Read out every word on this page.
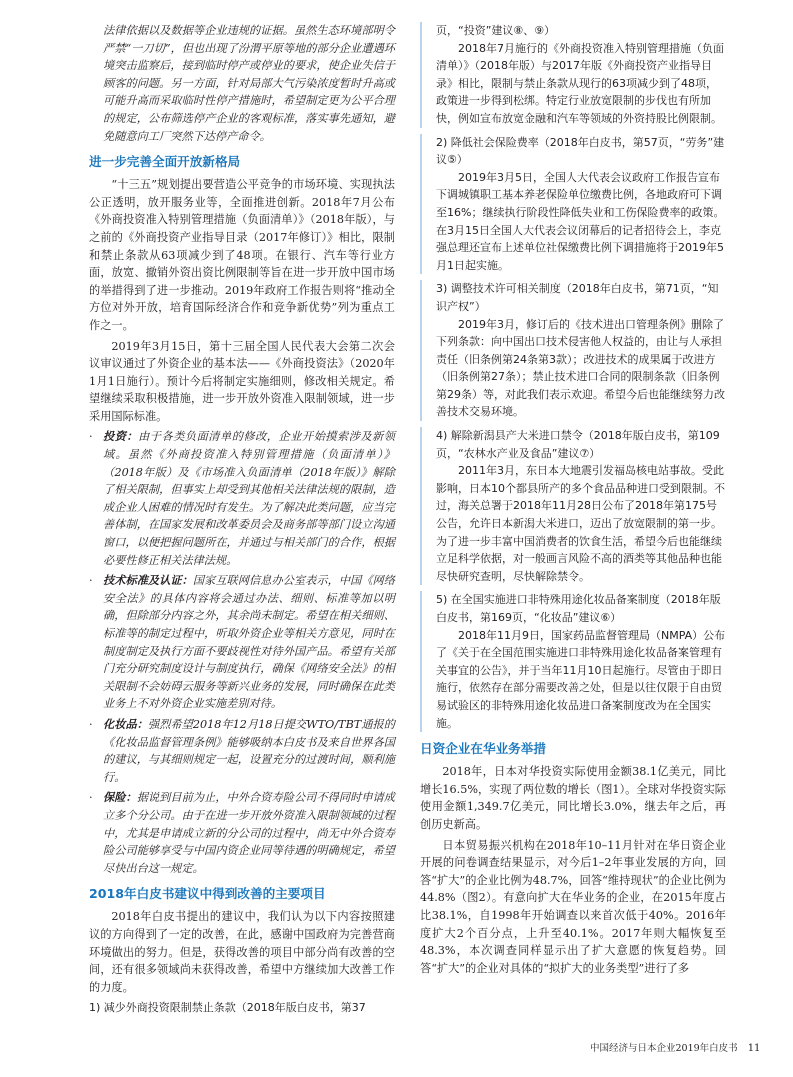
法律依据以及数据等企业违规的证据。虽然生态环境部明令严禁“一刀切”，但也出现了汾渭平原等地的部分企业遭遇环境突击监察后，接到临时停产或停业的要求，使企业失信于顾客的问题。另一方面，针对局部大气污染浓度暂时升高或可能升高而采取临时性停产措施时，希望制定更为公平合理的规定，公布筛选停产企业的客观标准，落实事先通知，避免随意向工厂突然下达停产命令。

进一步完善全面开放新格局

“十三五”规划提出要营造公平竞争的市场环境、实现执法公正透明，放开服务业等，全面推进创新。2018年7月公布《外商投资准入特别管理措施（负面清单）》（2018年版），与之前的《外商投资产业指导目录（2017年修订）》相比，限制和禁止条款从63项减少到了48项。在银行、汽车等行业方面，放宽、撤销外资出资比例限制等旨在进一步开放中国市场的举措得到了进一步推动。2019年政府工作报告则将“推动全方位对外开放，培育国际经济合作和竞争新优势”列为重点工作之一。

2019年3月15日，第十三届全国人民代表大会第二次会议审议通过了外资企业的基本法——《外商投资法》（2020年1月1日施行）。预计今后将制定实施细则，修改相关规定。希望继续采取积极措施，进一步开放外资准入限制领域，进一步采用国际标准。

· 投资：由于各类负面清单的修改，企业开始摸索涉及新领域。虽然《外商投资准入特别管理措施（负面清单）》（2018年版）及《市场准入负面清单（2018年版）》解除了相关限制，但事实上却受到其他相关法律法规的限制，造成企业人困难的情况时有发生。为了解决此类问题，应当完善体制，在国家发展和改革委员会及商务部等部门设立沟通窗口，以便把握问题所在，并通过与相关部门的合作，根据必要性修正相关法律法规。
· 技术标准及认证：国家互联网信息办公室表示，中国《网络安全法》的具体内容将会通过办法、细则、标准等加以明确，但除部分内容之外，其余尚未制定。希望在相关细则、标准等的制定过程中，听取外资企业等相关方意见，同时在制度制定及执行方面不要歧视性对待外国产品。希望有关部门充分研究制度设计与制度执行，确保《网络安全法》的相关限制不会妨碍云服务等新兴业务的发展，同时确保在此类业务上不对外资企业实施差别对待。
· 化妆品：强烈希望2018年12月18日提交WTO/TBT通报的《化妆品监督管理条例》能够吸纳本白皮书及来自世界各国的建议，与其细则规定一起，设置充分的过渡时间，顺利施行。
· 保险：据说到目前为止，中外合资寿险公司不得同时申请成立多个分公司。由于在进一步开放外资准入限制领域的过程中，尤其是申请成立新的分公司的过程中，尚无中外合资寿险公司能够享受与中国内资企业同等待遇的明确规定，希望尽快出台这一规定。
2018年白皮书建议中得到改善的主要项目

2018年白皮书提出的建议中，我们认为以下内容按照建议的方向得到了一定的改善，在此，感谢中国政府为完善营商环境做出的努力。但是，获得改善的项目中部分尚有改善的空间，还有很多领域尚未获得改善，希望中方继续加大改善工作的力度。

1) 减少外商投资限制禁止条款（2018年版白皮书，第37

页，“投资”建议⑧、⑨）

2018年7月施行的《外商投资准入特别管理措施（负面清单）》（2018年版）与2017年版《外商投资产业指导目录》相比，限制与禁止条款从现行的63项减少到了48项，政策进一步得到松绑。特定行业放宽限制的步伐也有所加快，例如宣布放宽金融和汽车等领域的外资持股比例限制。

2) 降低社会保险费率（2018年白皮书，第57页，“劳务”建议⑤）

2019年3月5日，全国人大代表会议政府工作报告宣布下调城镇职工基本养老保险单位缴费比例，各地政府可下调至16%；继续执行阶段性降低失业和工伤保险费率的政策。在3月15日全国人大代表会议闭幕后的记者招待会上，李克强总理还宣布上述单位社保缴费比例下调措施将于2019年5月1日起实施。

3) 调整技术许可相关制度（2018年白皮书，第71页，“知识产权”）

2019年3月，修订后的《技术进出口管理条例》删除了下列条款：向中国出口技术侵害他人权益的，由让与人承担责任（旧条例第24条第3款）；改进技术的成果属于改进方（旧条例第27条）；禁止技术进口合同的限制条款（旧条例第29条）等，对此我们表示欢迎。希望今后也能继续努力改善技术交易环境。

4) 解除新潟县产大米进口禁令（2018年版白皮书，第109页，“农林水产业及食品”建议⑦）

2011年3月，东日本大地震引发福岛核电站事故。受此影响，日本10个都县所产的多个食品品种进口受到限制。不过，海关总署于2018年11月28日公布了2018年第175号公告，允许日本新潟大米进口，迈出了放宽限制的第一步。为了进一步丰富中国消费者的饮食生活，希望今后也能继续立足科学依据，对一般画言风险不高的酒类等其他品种也能尽快研究查明，尽快解除禁令。

5) 在全国实施进口非特殊用途化妆品备案制度（2018年版白皮书，第169页，“化妆品”建议⑥）

2018年11月9日，国家药品监督管理局（NMPA）公布了《关于在全国范围实施进口非特殊用途化妆品备案管理有关事宜的公告》，并于当年11月10日起施行。尽管由于即日施行，依然存在部分需要改善之处，但是以往仅限于自由贸易试验区的非特殊用途化妆品进口备案制度改为在全国实施。

日资企业在华业务举措

2018年，日本对华投资实际使用金额38.1亿美元，同比增长16.5%，实现了两位数的增长（图1）。全球对华投资实际使用金额1,349.7亿美元，同比增长3.0%，继去年之后，再创历史新高。

日本贸易振兴机构在2018年10–11月针对在华日资企业开展的问卷调查结果显示，对今后1–2年事业发展的方向，回答“扩大”的企业比例为48.7%，回答“维持现状”的企业比例为44.8%（图2）。有意向扩大在华业务的企业，在2015年度占比38.1%，自1998年开始调查以来首次低于40%。2016年度扩大2个百分点，上升至40.1%。2017年则大幅恢复至48.3%，本次调查同样显示出了扩大意愿的恢复趋势。回答“扩大”的企业对具体的“拟扩大的业务类型”进行了多

中国经济与日本企业2019年白皮书 11
